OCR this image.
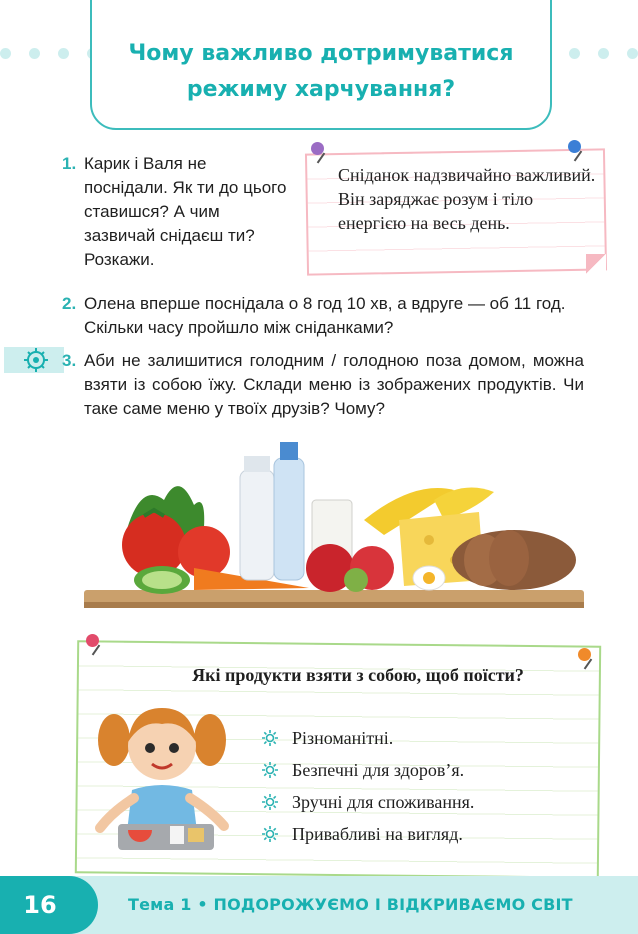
Чому важливо дотримуватися
режиму харчування?
1. Карик і Валя не поснідали. Як ти до цього ставишся? А чим зазвичай снідаєш ти? Розкажи.
Сніданок надзвичайно важливий. Він заряджає розум і тіло енергією на весь день.
2. Олена вперше поснідала о 8 год 10 хв, а вдруге — об 11 год. Скільки часу пройшло між сніданками?
3. Аби не залишитися голодним / голодною поза домом, можна взяти із собою їжу. Склади меню із зображених продуктів. Чи таке саме меню у твоїх друзів? Чому?
Які продукти взяти з собою, щоб поїсти?
Різноманітні.
Безпечні для здоров’я.
Зручні для споживання.
Привабливі на вигляд.
16	Тема 1 • ПОДОРОЖУЄМО І ВІДКРИВАЄМО СВІТ
